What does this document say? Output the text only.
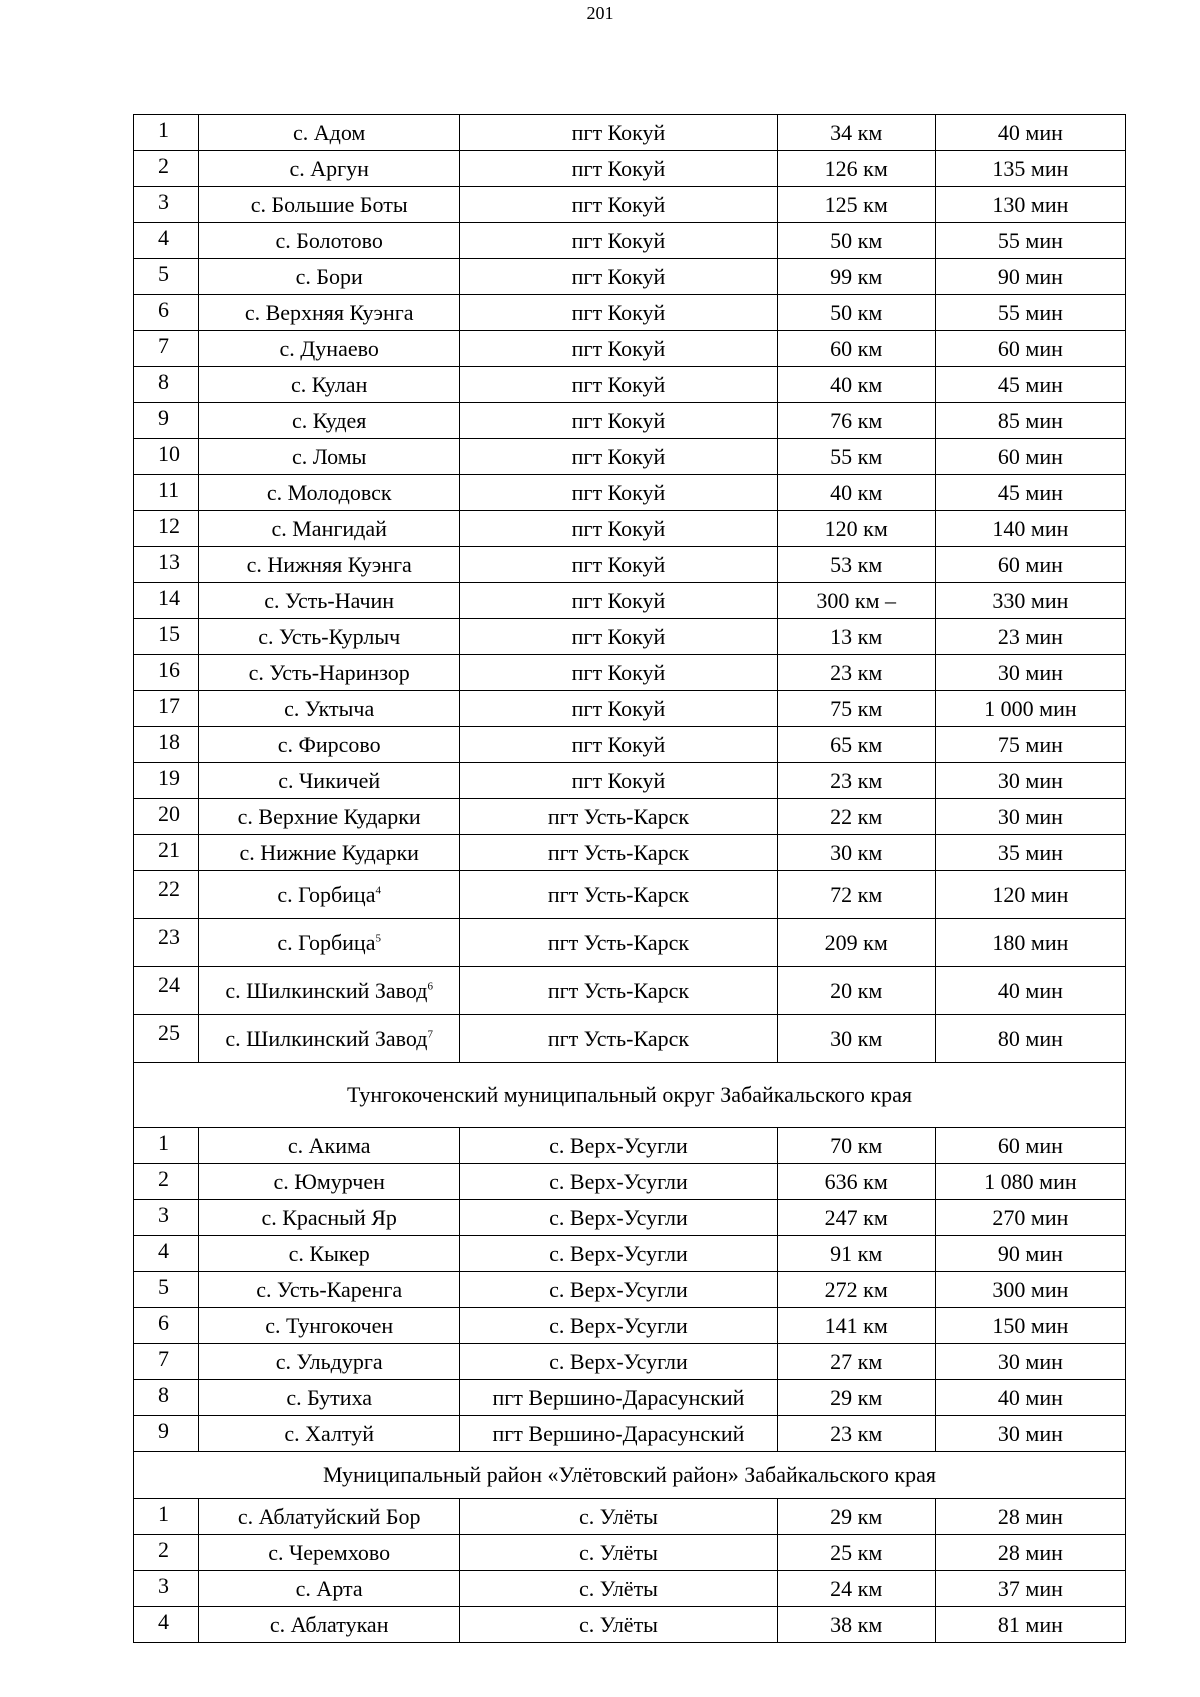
201
1	с. Адом	пгт Кокуй	34 км	40 мин
2	с. Аргун	пгт Кокуй	126 км	135 мин
3	с. Большие Боты	пгт Кокуй	125 км	130 мин
4	с. Болотово	пгт Кокуй	50 км	55 мин
5	с. Бори	пгт Кокуй	99 км	90 мин
6	с. Верхняя Куэнга	пгт Кокуй	50 км	55 мин
7	с. Дунаево	пгт Кокуй	60 км	60 мин
8	с. Кулан	пгт Кокуй	40 км	45 мин
9	с. Кудея	пгт Кокуй	76 км	85 мин
10	с. Ломы	пгт Кокуй	55 км	60 мин
11	с. Молодовск	пгт Кокуй	40 км	45 мин
12	с. Мангидай	пгт Кокуй	120 км	140 мин
13	с. Нижняя Куэнга	пгт Кокуй	53 км	60 мин
14	с. Усть-Начин	пгт Кокуй	300 км –	330 мин
15	с. Усть-Курлыч	пгт Кокуй	13 км	23 мин
16	с. Усть-Наринзор	пгт Кокуй	23 км	30 мин
17	с. Уктыча	пгт Кокуй	75 км	1 000 мин
18	с. Фирсово	пгт Кокуй	65 км	75 мин
19	с. Чикичей	пгт Кокуй	23 км	30 мин
20	с. Верхние Кударки	пгт Усть-Карск	22 км	30 мин
21	с. Нижние Кударки	пгт Усть-Карск	30 км	35 мин
22	с. Горбица$^4$	пгт Усть-Карск	72 км	120 мин
23	с. Горбица$^5$	пгт Усть-Карск	209 км	180 мин
24	с. Шилкинский Завод$^6$	пгт Усть-Карск	20 км	40 мин
25	с. Шилкинский Завод$^7$	пгт Усть-Карск	30 км	80 мин
Тунгокоченский муниципальный округ Забайкальского края				
1	с. Акима	с. Верх-Усугли	70 км	60 мин
2	с. Юмурчен	с. Верх-Усугли	636 км	1 080 мин
3	с. Красный Яр	с. Верх-Усугли	247 км	270 мин
4	с. Кыкер	с. Верх-Усугли	91 км	90 мин
5	с. Усть-Каренга	с. Верх-Усугли	272 км	300 мин
6	с. Тунгокочен	с. Верх-Усугли	141 км	150 мин
7	с. Ульдурга	с. Верх-Усугли	27 км	30 мин
8	с. Бутиха	пгт Вершино-Дарасунский	29 км	40 мин
9	с. Халтуй	пгт Вершино-Дарасунский	23 км	30 мин
Муниципальный район «Улётовский район» Забайкальского края				
1	с. Аблатуйский Бор	с. Улёты	29 км	28 мин
2	с. Черемхово	с. Улёты	25 км	28 мин
3	с. Арта	с. Улёты	24 км	37 мин
4	с. Аблатукан	с. Улёты	38 км	81 мин
